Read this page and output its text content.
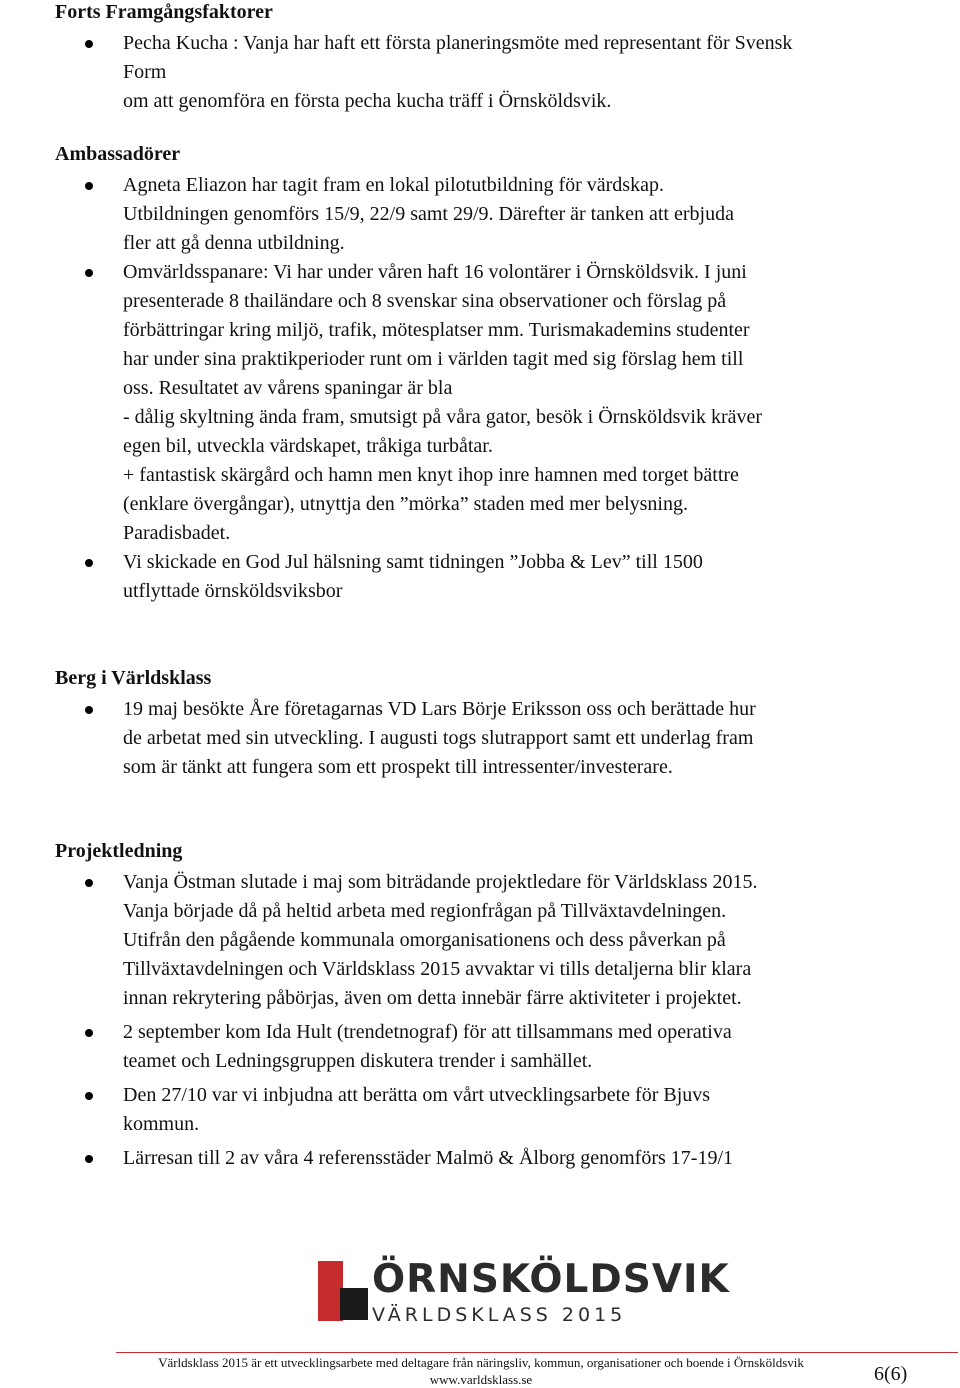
Forts Framgångsfaktorer

Pecha Kucha : Vanja har haft ett första planeringsmöte med representant för Svensk Form
om att genomföra en första pecha kucha träff i Örnsköldsvik.

Ambassadörer

Agneta Eliazon har tagit fram en lokal pilotutbildning för värdskap.
Utbildningen genomförs 15/9, 22/9 samt 29/9. Därefter är tanken att erbjuda
fler att gå denna utbildning.
Omvärldsspanare: Vi har under våren haft 16 volontärer i Örnsköldsvik. I juni
presenterade 8 thailändare och 8 svenskar sina observationer och förslag på
förbättringar kring miljö, trafik, mötesplatser mm. Turismakademins studenter
har under sina praktikperioder runt om i världen tagit med sig förslag hem till
oss. Resultatet av vårens spaningar är bla
- dålig skyltning ända fram, smutsigt på våra gator, besök i Örnsköldsvik kräver
egen bil, utveckla värdskapet, tråkiga turbåtar.
+ fantastisk skärgård och hamn men knyt ihop inre hamnen med torget bättre
(enklare övergångar), utnyttja den ”mörka” staden med mer belysning.
Paradisbadet.
Vi skickade en God Jul hälsning samt tidningen ”Jobba & Lev” till 1500
utflyttade örnsköldsviksbor

Berg i Världsklass

19 maj besökte Åre företagarnas VD Lars Börje Eriksson oss och berättade hur
de arbetat med sin utveckling. I augusti togs slutrapport samt ett underlag fram
som är tänkt att fungera som ett prospekt till intressenter/investerare.

Projektledning

Vanja Östman slutade i maj som biträdande projektledare för Världsklass 2015.
Vanja började då på heltid arbeta med regionfrågan på Tillväxtavdelningen.
Utifrån den pågående kommunala omorganisationens och dess påverkan på
Tillväxtavdelningen och Världsklass 2015 avvaktar vi tills detaljerna blir klara
innan rekrytering påbörjas, även om detta innebär färre aktiviteter i projektet.
2 september kom Ida Hult (trendetnograf) för att tillsammans med operativa
teamet och Ledningsgruppen diskutera trender i samhället.
Den 27/10 var vi inbjudna att berätta om vårt utvecklingsarbete för Bjuvs
kommun.
Lärresan till 2 av våra 4 referensstäder Malmö & Ålborg genomförs 17-19/1
ÖRNSKÖLDSVIK
VÄRLDSKLASS 2015
Världsklass 2015 är ett utvecklingsarbete med deltagare från näringsliv, kommun, organisationer och boende i Örnsköldsvik
www.varldsklass.se	6(6)
